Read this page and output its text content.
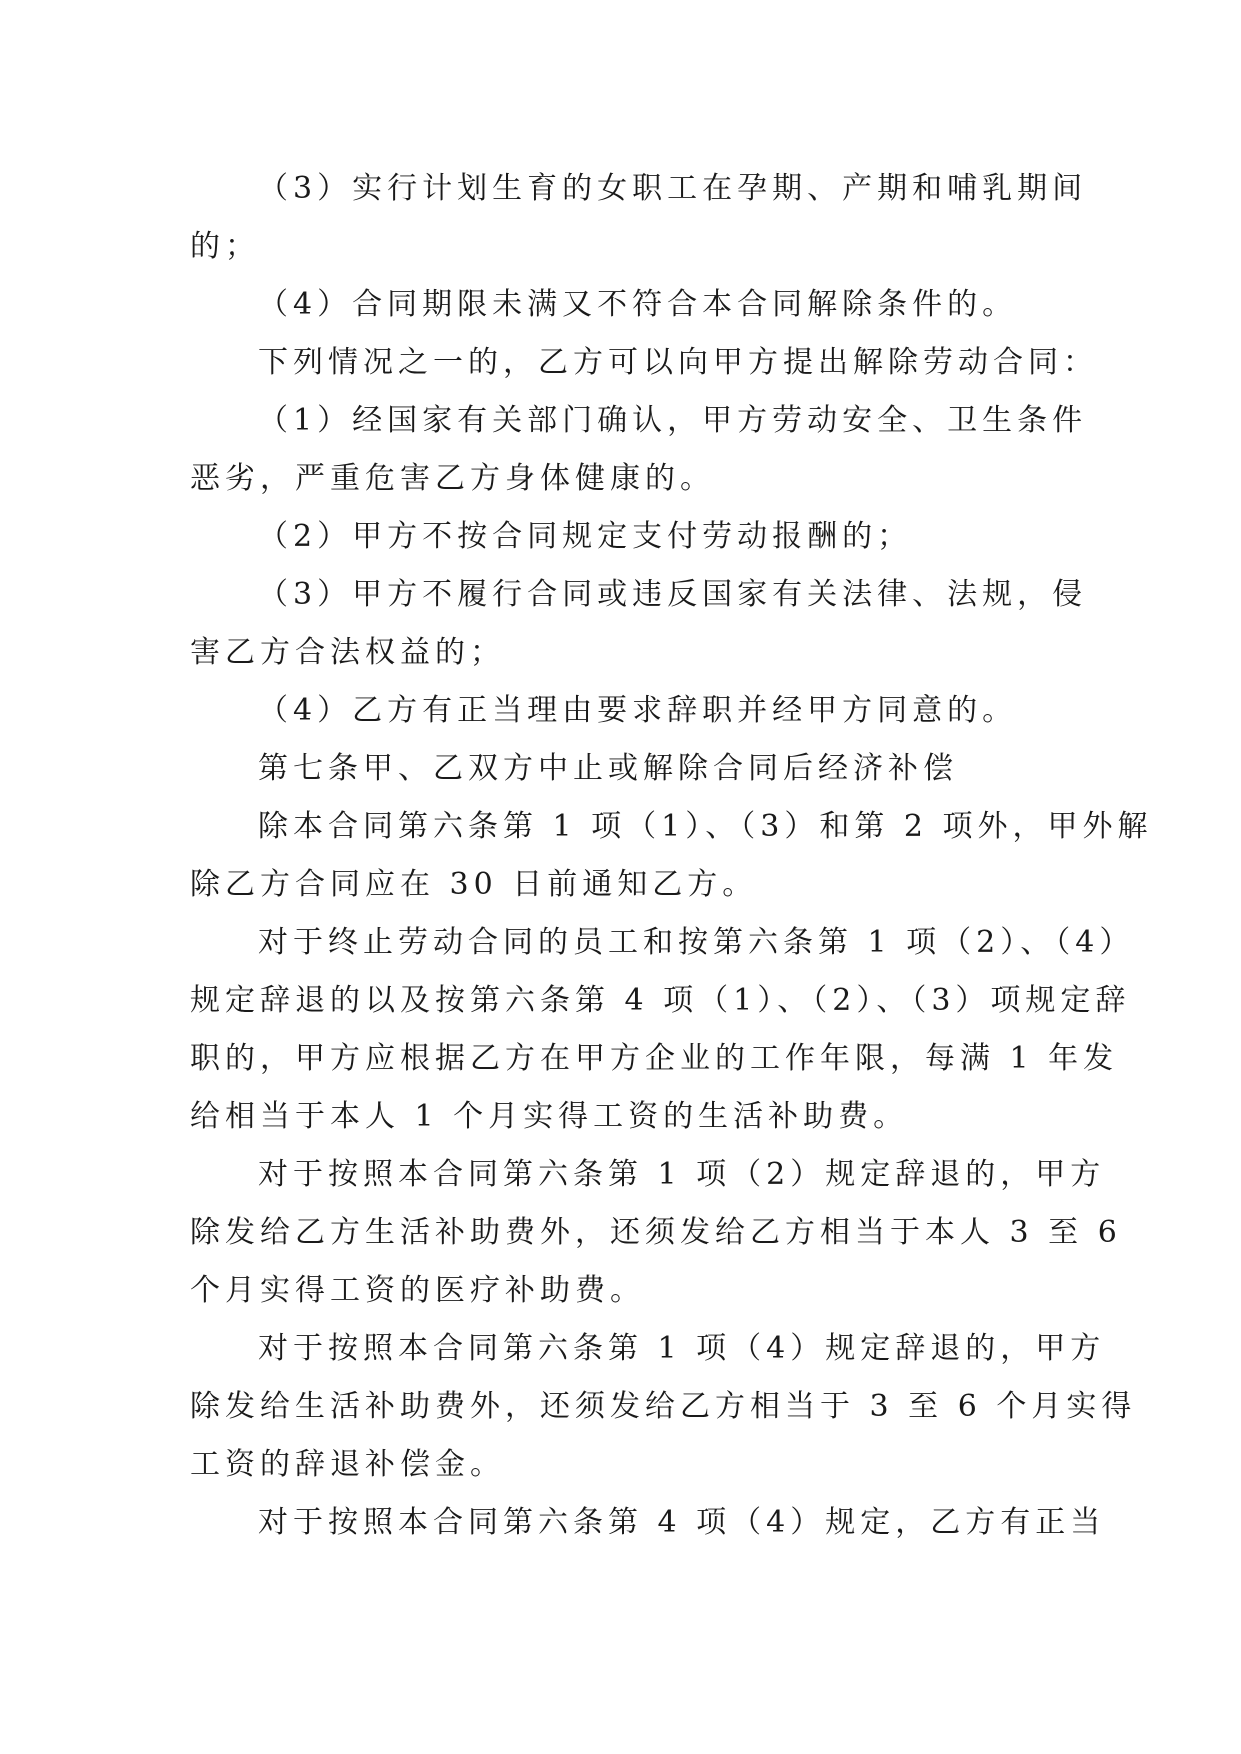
（3）实行计划生育的女职工在孕期、产期和哺乳期间
的；
（4）合同期限未满又不符合本合同解除条件的。
下列情况之一的，乙方可以向甲方提出解除劳动合同：
（1）经国家有关部门确认，甲方劳动安全、卫生条件
恶劣，严重危害乙方身体健康的。
（2）甲方不按合同规定支付劳动报酬的；
（3）甲方不履行合同或违反国家有关法律、法规，侵
害乙方合法权益的；
（4）乙方有正当理由要求辞职并经甲方同意的。
第七条甲、乙双方中止或解除合同后经济补偿
除本合同第六条第 1 项（1）、（3）和第 2 项外，甲外解
除乙方合同应在 30 日前通知乙方。
对于终止劳动合同的员工和按第六条第 1 项（2）、（4）
规定辞退的以及按第六条第 4 项（1）、（2）、（3）项规定辞
职的，甲方应根据乙方在甲方企业的工作年限，每满 1 年发
给相当于本人 1 个月实得工资的生活补助费。
对于按照本合同第六条第 1 项（2）规定辞退的，甲方
除发给乙方生活补助费外，还须发给乙方相当于本人 3 至 6
个月实得工资的医疗补助费。
对于按照本合同第六条第 1 项（4）规定辞退的，甲方
除发给生活补助费外，还须发给乙方相当于 3 至 6 个月实得
工资的辞退补偿金。
对于按照本合同第六条第 4 项（4）规定，乙方有正当
